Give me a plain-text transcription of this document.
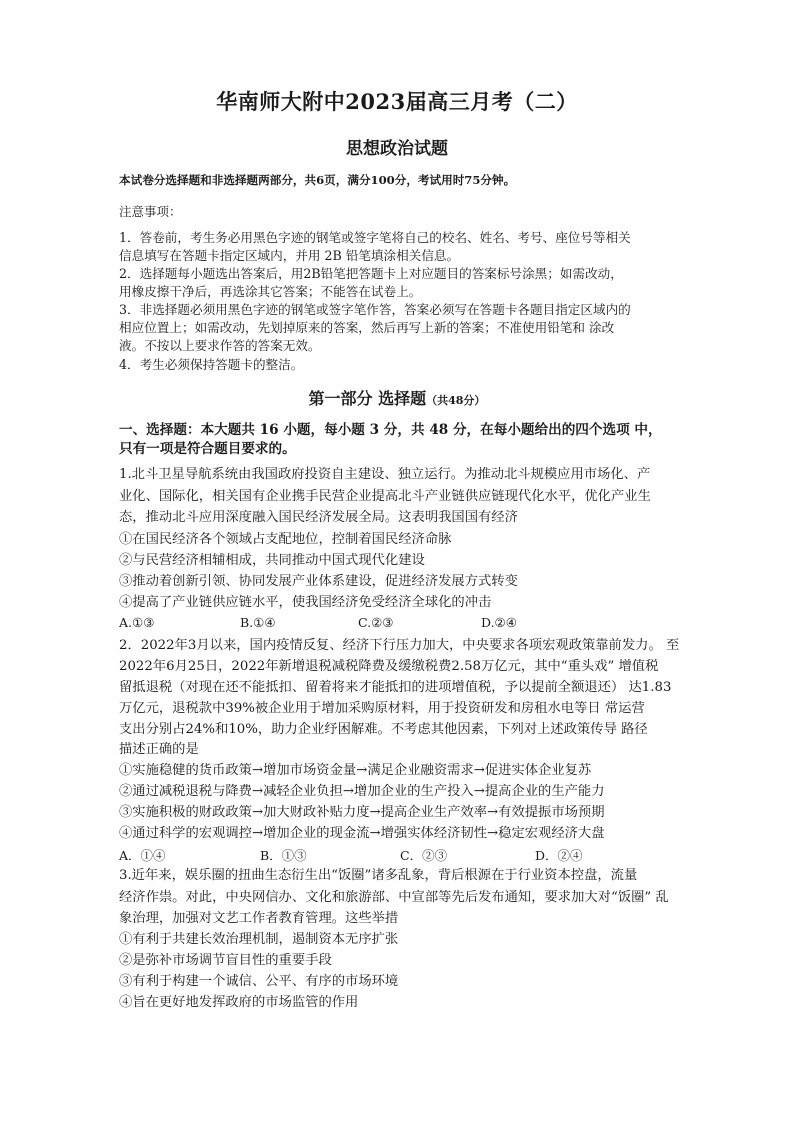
华南师大附中2023届高三月考（二）
思想政治试题
本试卷分选择题和非选择题两部分，共6页，满分100分，考试用时75分钟。
注意事项：
1．答卷前，考生务必用黑色字迹的钢笔或签字笔将自己的校名、姓名、考号、座位号等相关
信息填写在答题卡指定区域内，并用 2B 铅笔填涂相关信息。
2．选择题每小题选出答案后，用2B铅笔把答题卡上对应题目的答案标号涂黑；如需改动，
用橡皮擦干净后，再选涂其它答案；不能答在试卷上。
3．非选择题必须用黑色字迹的钢笔或签字笔作答，答案必须写在答题卡各题目指定区域内的
相应位置上；如需改动，先划掉原来的答案，然后再写上新的答案；不准使用铅笔和 涂改
液。不按以上要求作答的答案无效。
4．考生必须保持答题卡的整洁。
第一部分 选择题（共48分）
一、选择题：本大题共 16 小题，每小题 3 分，共 48 分，在每小题给出的四个选项 中，
只有一项是符合题目要求的。
1.北斗卫星导航系统由我国政府投资自主建设、独立运行。为推动北斗规模应用市场化、产
业化、国际化，相关国有企业携手民营企业提高北斗产业链供应链现代化水平，优化产业生
态，推动北斗应用深度融入国民经济发展全局。这表明我国国有经济
①在国民经济各个领域占支配地位，控制着国民经济命脉
②与民营经济相辅相成，共同推动中国式现代化建设
③推动着创新引领、协同发展产业体系建设，促进经济发展方式转变
④提高了产业链供应链水平，使我国经济免受经济全球化的冲击
A.①③	B.①④	C.②③	D.②④
2．2022年3月以来，国内疫情反复、经济下行压力加大，中央要求各项宏观政策靠前发力。 至
2022年6月25日，2022年新增退税减税降费及缓缴税费2.58万亿元，其中“重头戏” 增值税
留抵退税（对现在还不能抵扣、留着将来才能抵扣的进项增值税，予以提前全额退还） 达1.83
万亿元，退税款中39%被企业用于增加采购原材料，用于投资研发和房租水电等日 常运营
支出分别占24%和10%，助力企业纾困解难。不考虑其他因素，下列对上述政策传导 路径
描述正确的是
①实施稳健的货币政策→增加市场资金量→满足企业融资需求→促进实体企业复苏
②通过减税退税与降费→减轻企业负担→增加企业的生产投入→提高企业的生产能力
③实施积极的财政政策→加大财政补贴力度→提高企业生产效率→有效提振市场预期
④通过科学的宏观调控→增加企业的现金流→增强实体经济韧性→稳定宏观经济大盘
A．①④	B．①③	C．②③	D．②④
3.近年来，娱乐圈的扭曲生态衍生出“饭圈”诸多乱象，背后根源在于行业资本控盘，流量
经济作祟。对此，中央网信办、文化和旅游部、中宣部等先后发布通知，要求加大对“饭圈” 乱
象治理，加强对文艺工作者教育管理。这些举措
①有利于共建长效治理机制，遏制资本无序扩张
②是弥补市场调节盲目性的重要手段
③有利于构建一个诚信、公平、有序的市场环境
④旨在更好地发挥政府的市场监管的作用
